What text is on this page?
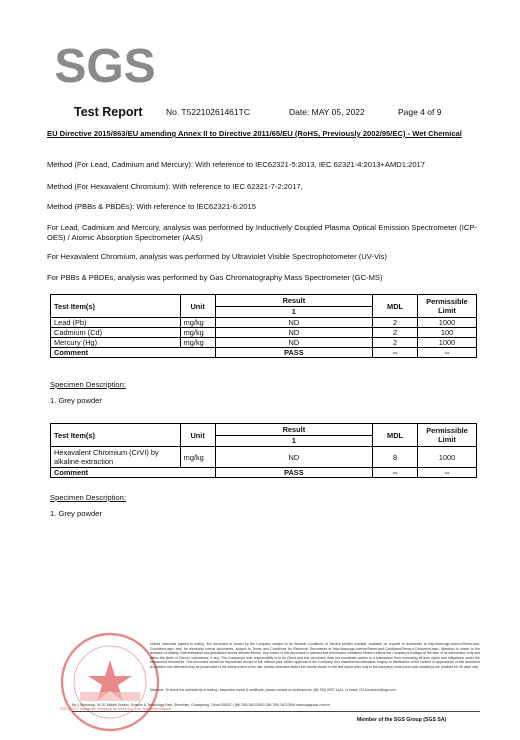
SGS
Test Report	No. T52210261461TC	Date: MAY 05, 2022	Page 4 of 9
EU Directive 2015/863/EU amending Annex II to Directive 2011/65/EU (RoHS, Previously 2002/95/EC) - Wet Chemical
Method (For Lead, Cadmium and Mercury): With reference to IEC62321-5:2013, IEC 62321-4:2013+AMD1:2017
Method (For Hexavalent Chromium): With reference to IEC 62321-7-2:2017,
Method (PBBs & PBDEs): With reference to IEC62321-6:2015
For Lead, Cadmium and Mercury, analysis was performed by Inductively Coupled Plasma Optical Emission Spectrometer (ICP-OES) / Atomic Absorption Spectrometer (AAS)
For Hexavalent Chromium, analysis was performed by Ultraviolet Visible Spectrophotometer (UV-Vis)
For PBBs & PBDEs, analysis was performed by Gas Chromatography Mass Spectrometer (GC-MS)
Test Item(s)	Unit	Result	MDL	Permissible Limit
		1		
Lead (Pb)	mg/kg	ND	2	1000
Cadmium (Cd)	mg/kg	ND	2	100
Mercury (Hg)	mg/kg	ND	2	1000
Comment		PASS	--	--
Specimen Description:
1. Grey powder
Test Item(s)	Unit	Result	MDL	Permissible Limit
		1		
Hexavalent Chromium (CrVI) by alkaline extraction	mg/kg	ND	8	1000
Comment		PASS	--	--
Specimen Description:
1. Grey powder
SGS-CSTC Standards Technical Services Co., Ltd. Shenzhen Branch
Unless otherwise agreed in writing, this document is issued by the Company subject to its General Conditions of Service printed overleaf, available on request or accessible at http://www.sgs.com/en/Terms-and-Conditions.aspx and, for electronic format documents, subject to Terms and Conditions for Electronic Documents at http://www.sgs.com/en/Terms-and-Conditions/Terms-e-Document.aspx. Attention is drawn to the limitation of liability, indemnification and jurisdiction issues defined therein. Any holder of this document is advised that information contained hereon reflects the Company's findings at the time of its intervention only and within the limits of Client's instructions, if any. The Company's sole responsibility is to its Client and this document does not exonerate parties to a transaction from exercising all their rights and obligations under the transaction documents. This document cannot be reproduced except in full, without prior written approval of the Company. Any unauthorized alteration, forgery or falsification of the content or appearance of this document is unlawful and offenders may be prosecuted to the fullest extent of the law. Unless otherwise stated the results shown in this test report refer only to the sample(s) tested and such sample(s) are retained for 30 days only.
Attention: To check the authenticity of testing / inspection report & certificate, please contact us at telephone: (86-755) 8307 1443, or email: CN.Doccheck@sgs.com
No.1 Workshop, M-10, Middle Section, Science & Technology Park, Shenzhen, Guangdong, China 518057 t (86-755) 26012053 f (86-755) 26710594 www.sgsgroup.com.cn
Member of the SGS Group (SGS SA)
